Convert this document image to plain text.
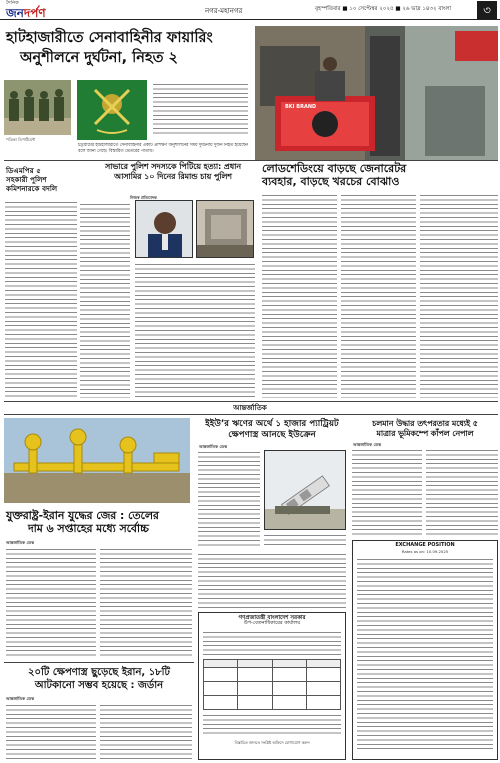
দৈনিক
জনদর্পণ	নগর-মহানগর	বৃহস্পতিবার ■ ১০ সেপ্টেম্বর ২০২৫ ■ ২৬ ভাদ্র ১৪৩২ বাংলা	৩
হাটহাজারীতে সেনাবাহিনীর ফায়ারিং
অনুশীলনে দুর্ঘটনা, নিহত ২
পত্রিকা ডিপার্টমেন্ট
চট্টগ্রামের হাটহাজারীতে সেনাবাহিনীর একটি প্রশিক্ষণ অনুশীলনের সময় দুর্ঘটনায় দুজন নিহত হয়েছেন বলে জানা গেছে। বিস্তারিত ভেতরের পাতায়।
BKI BRAND
ডিএমপির ৫
সহকারী পুলিশ
কমিশনারকে বদলি
সাভারে পুলিশ সদস্যকে পিটিয়ে হত্যা: প্রধান
আসামির ১০ দিনের রিমান্ড চায় পুলিশ
নিজস্ব প্রতিবেদক
লোডশেডিংয়ে বাড়ছে জেনারেটর
ব্যবহার, বাড়ছে খরচের বোঝাও
আন্তর্জাতিক
যুক্তরাষ্ট্র-ইরান যুদ্ধের জের : তেলের
দাম ৬ সপ্তাহের মধ্যে সর্বোচ্চ
আন্তর্জাতিক ডেস্ক
২০টি ক্ষেপণাস্ত্র ছুড়েছে ইরান, ১৮টি
আটকানো সম্ভব হয়েছে : জর্ডান
আন্তর্জাতিক ডেস্ক
ইইউ’র ঋণের অর্থে ১ হাজার প্যাট্রিয়ট
ক্ষেপণাস্ত্র আনছে ইউক্রেন
আন্তর্জাতিক ডেস্ক
গণপ্রজাতন্ত্রী বাংলাদেশ সরকার
উপ-বেতনাধিকারের কার্যালয়

বিস্তারিত জানতে সংশ্লিষ্ট অফিসে যোগাযোগ করুন
চলমান উদ্ধার তৎপরতার মধ্যেই ৫
মাত্রার ভূমিকম্পে কাঁপল নেপাল
আন্তর্জাতিক ডেস্ক
EXCHANGE POSITION
Rates as on: 10.09.2025
